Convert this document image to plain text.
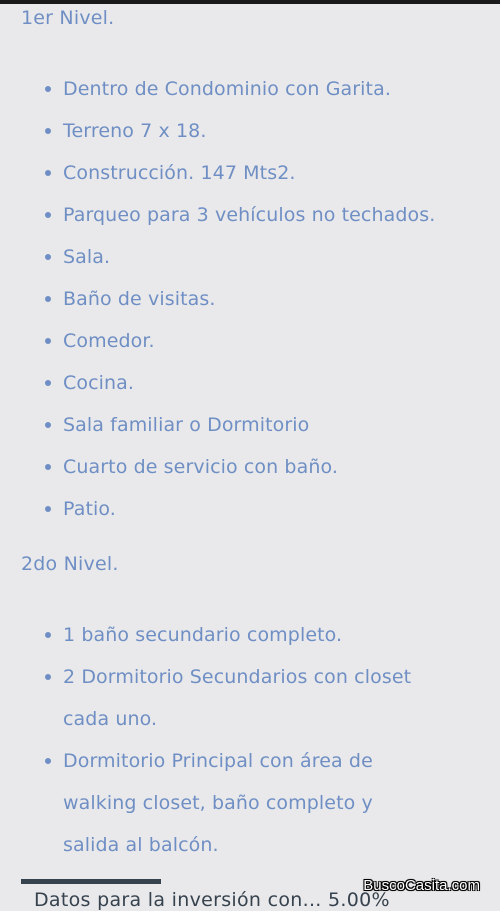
1er Nivel.
Dentro de Condominio con Garita.
Terreno 7 x 18.
Construcción. 147 Mts2.
Parqueo para 3 vehículos no techados.
Sala.
Baño de visitas.
Comedor.
Cocina.
Sala familiar o Dormitorio
Cuarto de servicio con baño.
Patio.
2do Nivel.
1 baño secundario completo.
2 Dormitorio Secundarios con closet cada uno.
Dormitorio Principal con área de walking closet, baño completo y salida al balcón.
Datos para la inversión con... 5.00%
BuscoCasita.com
